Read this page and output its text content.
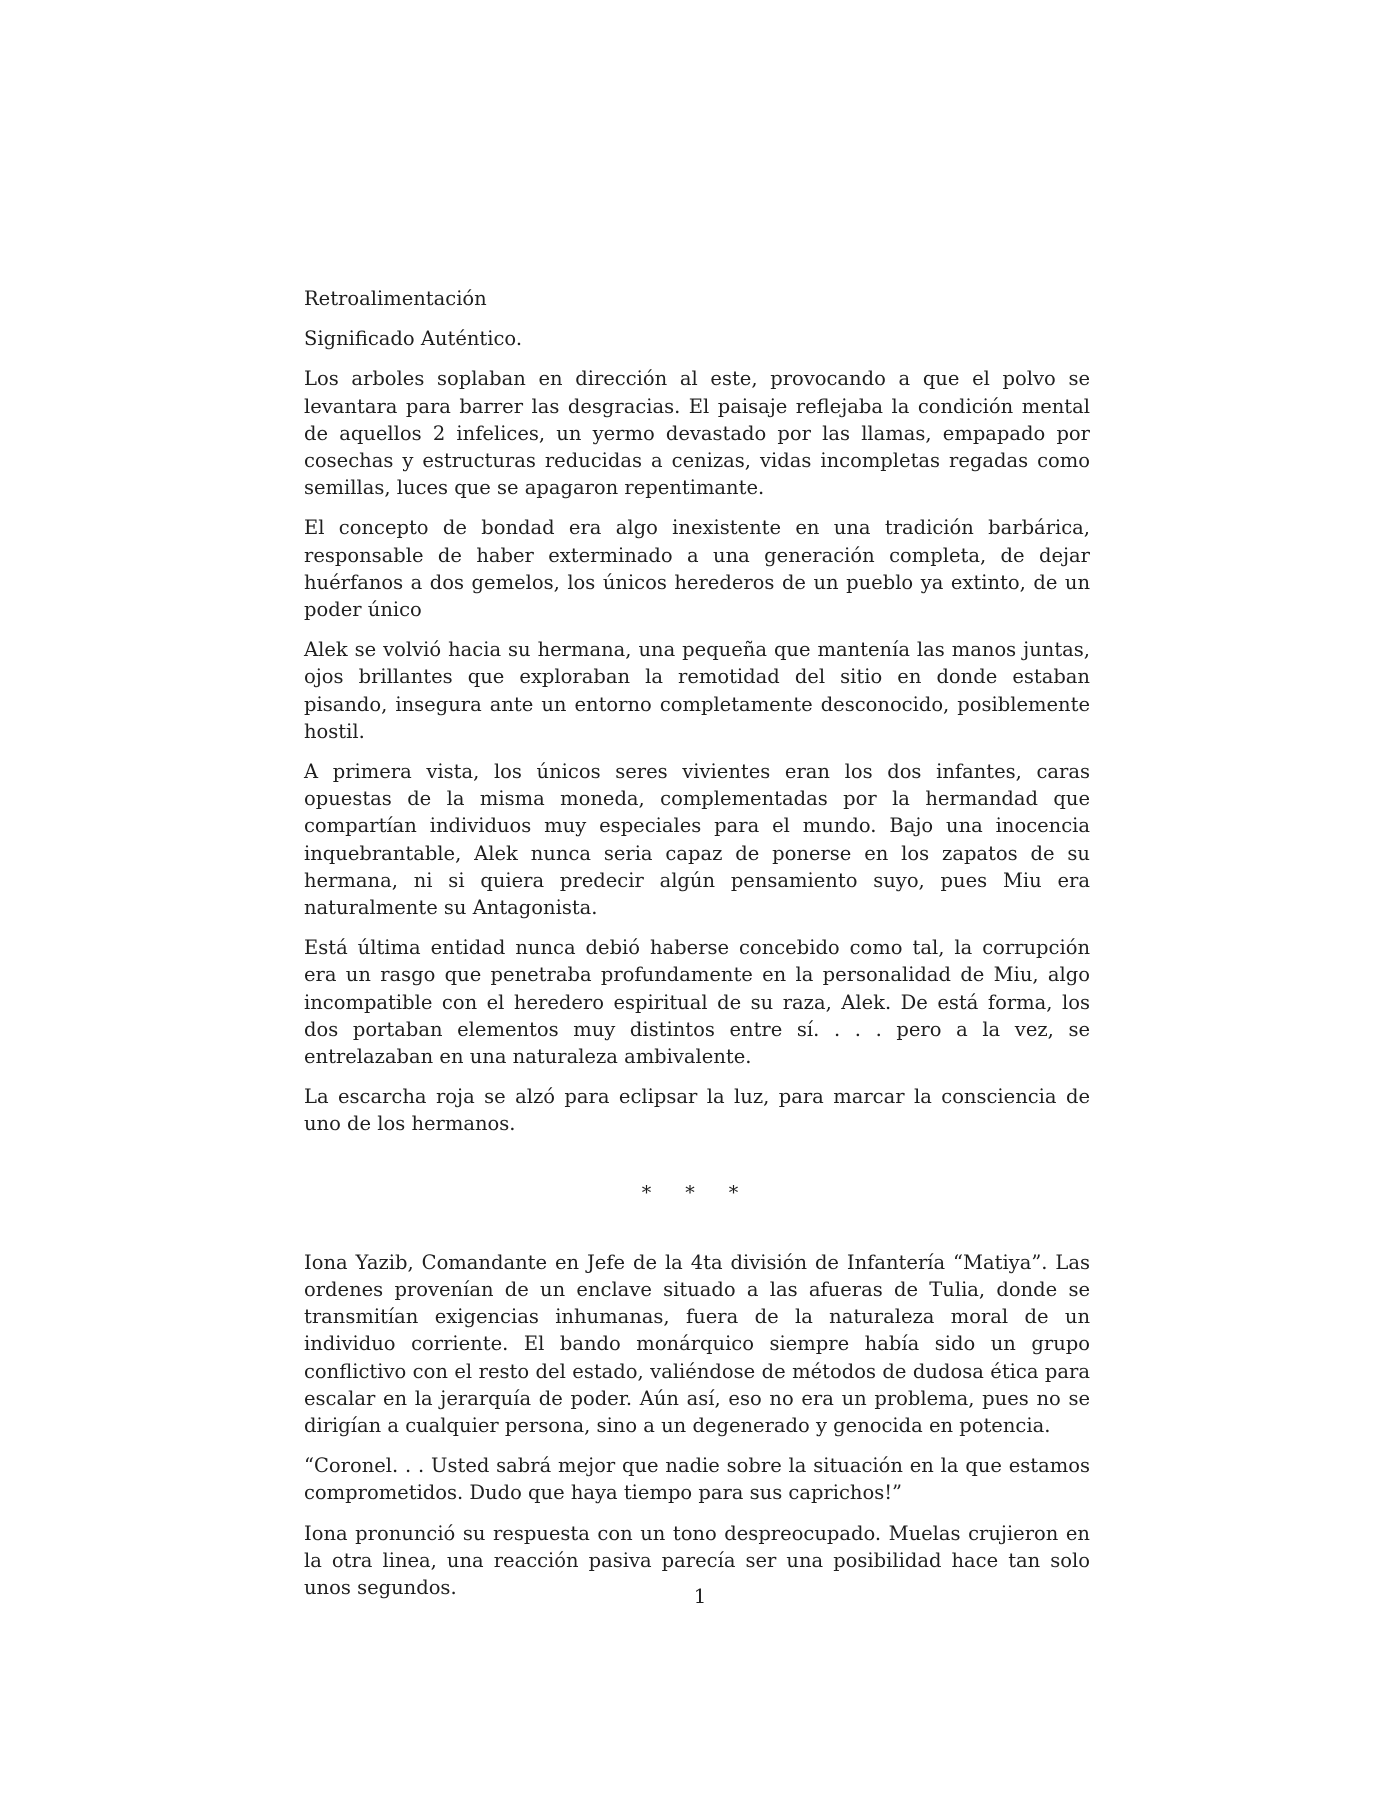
Retroalimentación

Significado Auténtico.

Los arboles soplaban en dirección al este, provocando a que el polvo se levantara para barrer las desgracias. El paisaje reflejaba la condición mental de aquellos 2 infelices, un yermo devastado por las llamas, empapado por cosechas y estructuras reducidas a cenizas, vidas incompletas regadas como semillas, luces que se apagaron repentimante.

El concepto de bondad era algo inexistente en una tradición barbárica, responsable de haber exterminado a una generación completa, de dejar huérfanos a dos gemelos, los únicos herederos de un pueblo ya extinto, de un poder único

Alek se volvió hacia su hermana, una pequeña que mantenía las manos juntas, ojos brillantes que exploraban la remotidad del sitio en donde estaban pisando, insegura ante un entorno completamente desconocido, posiblemente hostil.

A primera vista, los únicos seres vivientes eran los dos infantes, caras opuestas de la misma moneda, complementadas por la hermandad que compartían individuos muy especiales para el mundo. Bajo una inocencia inquebrantable, Alek nunca seria capaz de ponerse en los zapatos de su hermana, ni si quiera predecir algún pensamiento suyo, pues Miu era naturalmente su Antagonista.

Está última entidad nunca debió haberse concebido como tal, la corrupción era un rasgo que penetraba profundamente en la personalidad de Miu, algo incompatible con el heredero espiritual de su raza, Alek. De está forma, los dos portaban elementos muy distintos entre sí. . . . pero a la vez, se entrelazaban en una naturaleza ambivalente.

La escarcha roja se alzó para eclipsar la luz, para marcar la consciencia de uno de los hermanos.

* * *

Iona Yazib, Comandante en Jefe de la 4ta división de Infantería “Matiya”. Las ordenes provenían de un enclave situado a las afueras de Tulia, donde se transmitían exigencias inhumanas, fuera de la naturaleza moral de un individuo corriente. El bando monárquico siempre había sido un grupo conflictivo con el resto del estado, valiéndose de métodos de dudosa ética para escalar en la jerarquía de poder. Aún así, eso no era un problema, pues no se dirigían a cualquier persona, sino a un degenerado y genocida en potencia.

“Coronel. . . Usted sabrá mejor que nadie sobre la situación en la que estamos comprometidos. Dudo que haya tiempo para sus caprichos!”

Iona pronunció su respuesta con un tono despreocupado. Muelas crujieron en la otra linea, una reacción pasiva parecía ser una posibilidad hace tan solo unos segundos.	1
